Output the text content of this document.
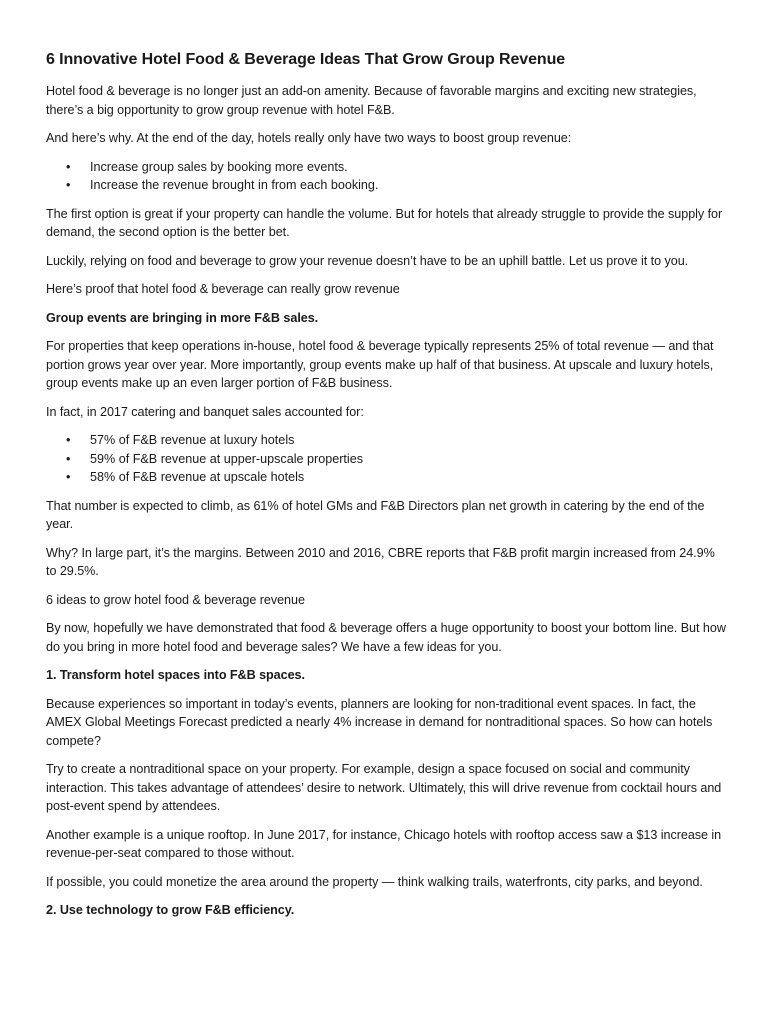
6 Innovative Hotel Food & Beverage Ideas That Grow Group Revenue

Hotel food & beverage is no longer just an add-on amenity. Because of favorable margins and exciting new strategies, there’s a big opportunity to grow group revenue with hotel F&B.

And here’s why. At the end of the day, hotels really only have two ways to boost group revenue:

• Increase group sales by booking more events.
• Increase the revenue brought in from each booking.

The first option is great if your property can handle the volume. But for hotels that already struggle to provide the supply for demand, the second option is the better bet.

Luckily, relying on food and beverage to grow your revenue doesn’t have to be an uphill battle. Let us prove it to you.

Here’s proof that hotel food & beverage can really grow revenue

Group events are bringing in more F&B sales.

For properties that keep operations in-house, hotel food & beverage typically represents 25% of total revenue — and that portion grows year over year. More importantly, group events make up half of that business. At upscale and luxury hotels, group events make up an even larger portion of F&B business.

In fact, in 2017 catering and banquet sales accounted for:

• 57% of F&B revenue at luxury hotels
• 59% of F&B revenue at upper-upscale properties
• 58% of F&B revenue at upscale hotels

That number is expected to climb, as 61% of hotel GMs and F&B Directors plan net growth in catering by the end of the year.

Why? In large part, it’s the margins. Between 2010 and 2016, CBRE reports that F&B profit margin increased from 24.9% to 29.5%.

6 ideas to grow hotel food & beverage revenue

By now, hopefully we have demonstrated that food & beverage offers a huge opportunity to boost your bottom line. But how do you bring in more hotel food and beverage sales? We have a few ideas for you.

1. Transform hotel spaces into F&B spaces.

Because experiences so important in today’s events, planners are looking for non-traditional event spaces. In fact, the AMEX Global Meetings Forecast predicted a nearly 4% increase in demand for nontraditional spaces. So how can hotels compete?

Try to create a nontraditional space on your property. For example, design a space focused on social and community interaction. This takes advantage of attendees’ desire to network. Ultimately, this will drive revenue from cocktail hours and post-event spend by attendees.

Another example is a unique rooftop. In June 2017, for instance, Chicago hotels with rooftop access saw a $13 increase in revenue-per-seat compared to those without.

If possible, you could monetize the area around the property — think walking trails, waterfronts, city parks, and beyond.

2. Use technology to grow F&B efficiency.
